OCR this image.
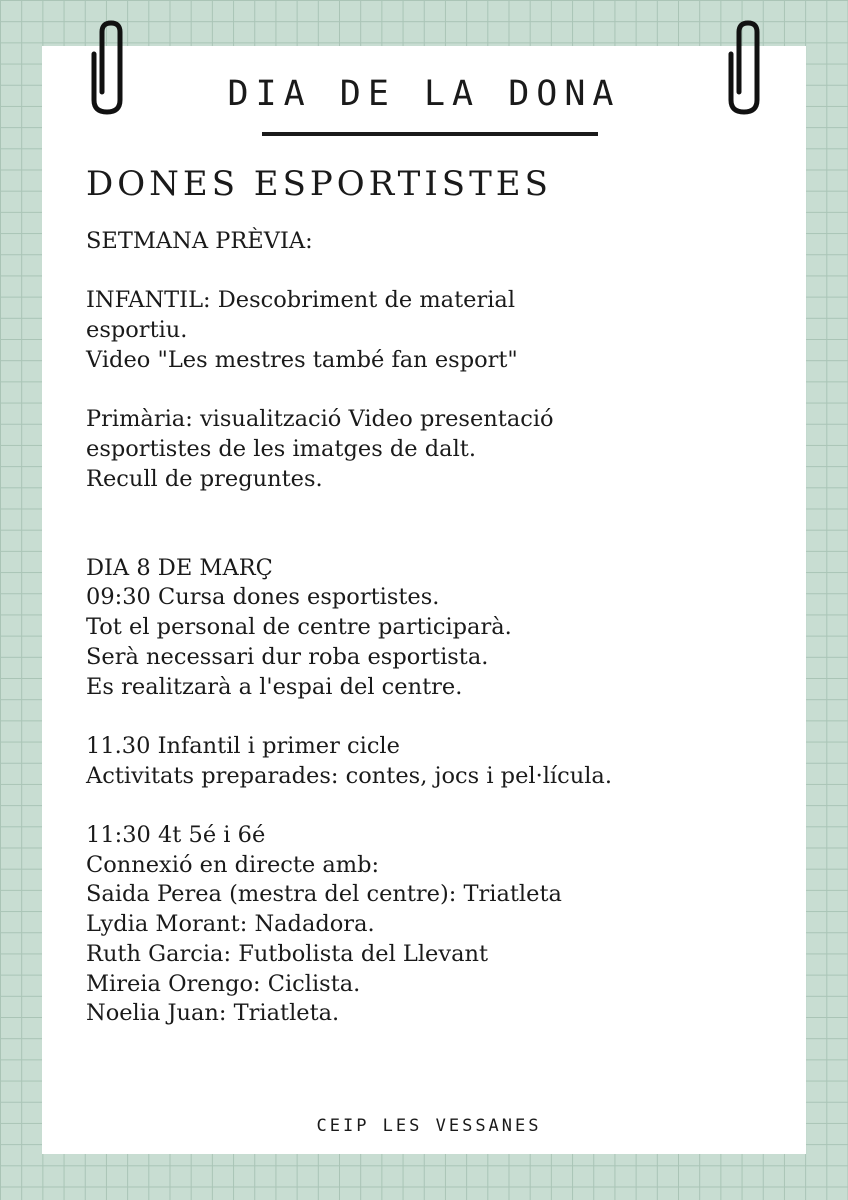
DIA DE LA DONA
DONES ESPORTISTES

SETMANA PRÈVIA:

INFANTIL: Descobriment de material
esportiu.
Video "Les mestres també fan esport"

Primària: visualització Video presentació
esportistes de les imatges de dalt.
Recull de preguntes.

DIA 8 DE MARÇ
09:30 Cursa dones esportistes.
Tot el personal de centre participarà.
Serà necessari dur roba esportista.
Es realitzarà a l'espai del centre.

11.30 Infantil i primer cicle
Activitats preparades: contes, jocs i pel·lícula.

11:30 4t 5é i 6é
Connexió en directe amb:
Saida Perea (mestra del centre): Triatleta
Lydia Morant: Nadadora.
Ruth Garcia: Futbolista del Llevant
Mireia Orengo: Ciclista.
Noelia Juan: Triatleta.

CEIP LES VESSANES
